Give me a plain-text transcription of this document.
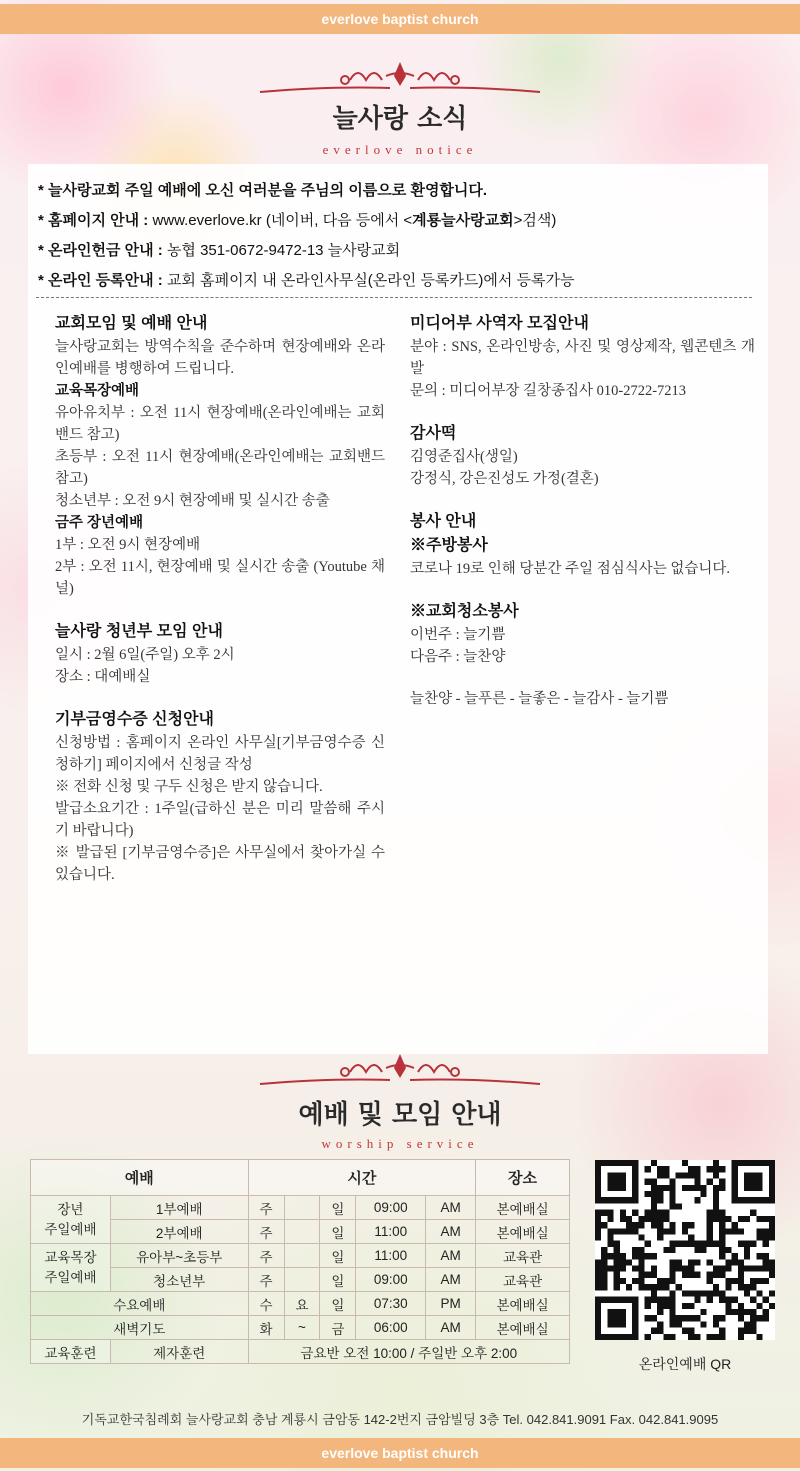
everlove baptist church
늘사랑 소식
everlove notice
* 늘사랑교회 주일 예배에 오신 여러분을 주님의 이름으로 환영합니다.
* 홈페이지 안내 : www.everlove.kr (네이버, 다음 등에서 <계룡늘사랑교회>검색)
* 온라인헌금 안내 : 농협 351-0672-9472-13 늘사랑교회
* 온라인 등록안내 : 교회 홈페이지 내 온라인사무실(온라인 등록카드)에서 등록가능
교회모임 및 예배 안내
늘사랑교회는 방역수칙을 준수하며 현장예배와 온라인예배를 병행하여 드립니다.
교육목장예배
유아유치부 : 오전 11시 현장예배(온라인예배는 교회밴드 참고)
초등부 : 오전 11시 현장예배(온라인예배는 교회밴드 참고)
청소년부 : 오전 9시 현장예배 및 실시간 송출
금주 장년예배
1부 : 오전 9시 현장예배
2부 : 오전 11시, 현장예배 및 실시간 송출 (Youtube 채널)
늘사랑 청년부 모임 안내
일시 : 2월 6일(주일) 오후 2시
장소 : 대예배실
기부금영수증 신청안내
신청방법 : 홈페이지 온라인 사무실[기부금영수증 신청하기] 페이지에서 신청글 작성
※ 전화 신청 및 구두 신청은 받지 않습니다.
발급소요기간 : 1주일(급하신 분은 미리 말씀해 주시기 바랍니다)
※ 발급된 [기부금영수증]은 사무실에서 찾아가실 수 있습니다.
미디어부 사역자 모집안내
분야 : SNS, 온라인방송, 사진 및 영상제작, 웹콘텐츠 개발
문의 : 미디어부장 길창종집사 010-2722-7213
감사떡
김영준집사(생일)
강정식, 강은진성도 가정(결혼)
봉사 안내
※주방봉사
코로나 19로 인해 당분간 주일 점심식사는 없습니다.
※교회청소봉사
이번주 : 늘기쁨
다음주 : 늘찬양
늘찬양 - 늘푸른 - 늘좋은 - 늘감사 - 늘기쁨
예배 및 모임 안내
worship service
예배		시간					장소
장년
주일예배	1부예배	주		일	09:00	AM	본예배실
	2부예배	주		일	11:00	AM	본예배실
교육목장
주일예배	유아부~초등부	주		일	11:00	AM	교육관
	청소년부	주		일	09:00	AM	교육관
수요예배		수	요	일	07:30	PM	본예배실
새벽기도		화	~	금	06:00	AM	본예배실
교육훈련	제자훈련	금요반 오전 10:00 / 주일반 오후 2:00					
온라인예배 QR
기독교한국침례회 늘사랑교회 충남 계룡시 금암동 142-2번지 금암빌딩 3층 Tel. 042.841.9091 Fax. 042.841.9095
everlove baptist church
